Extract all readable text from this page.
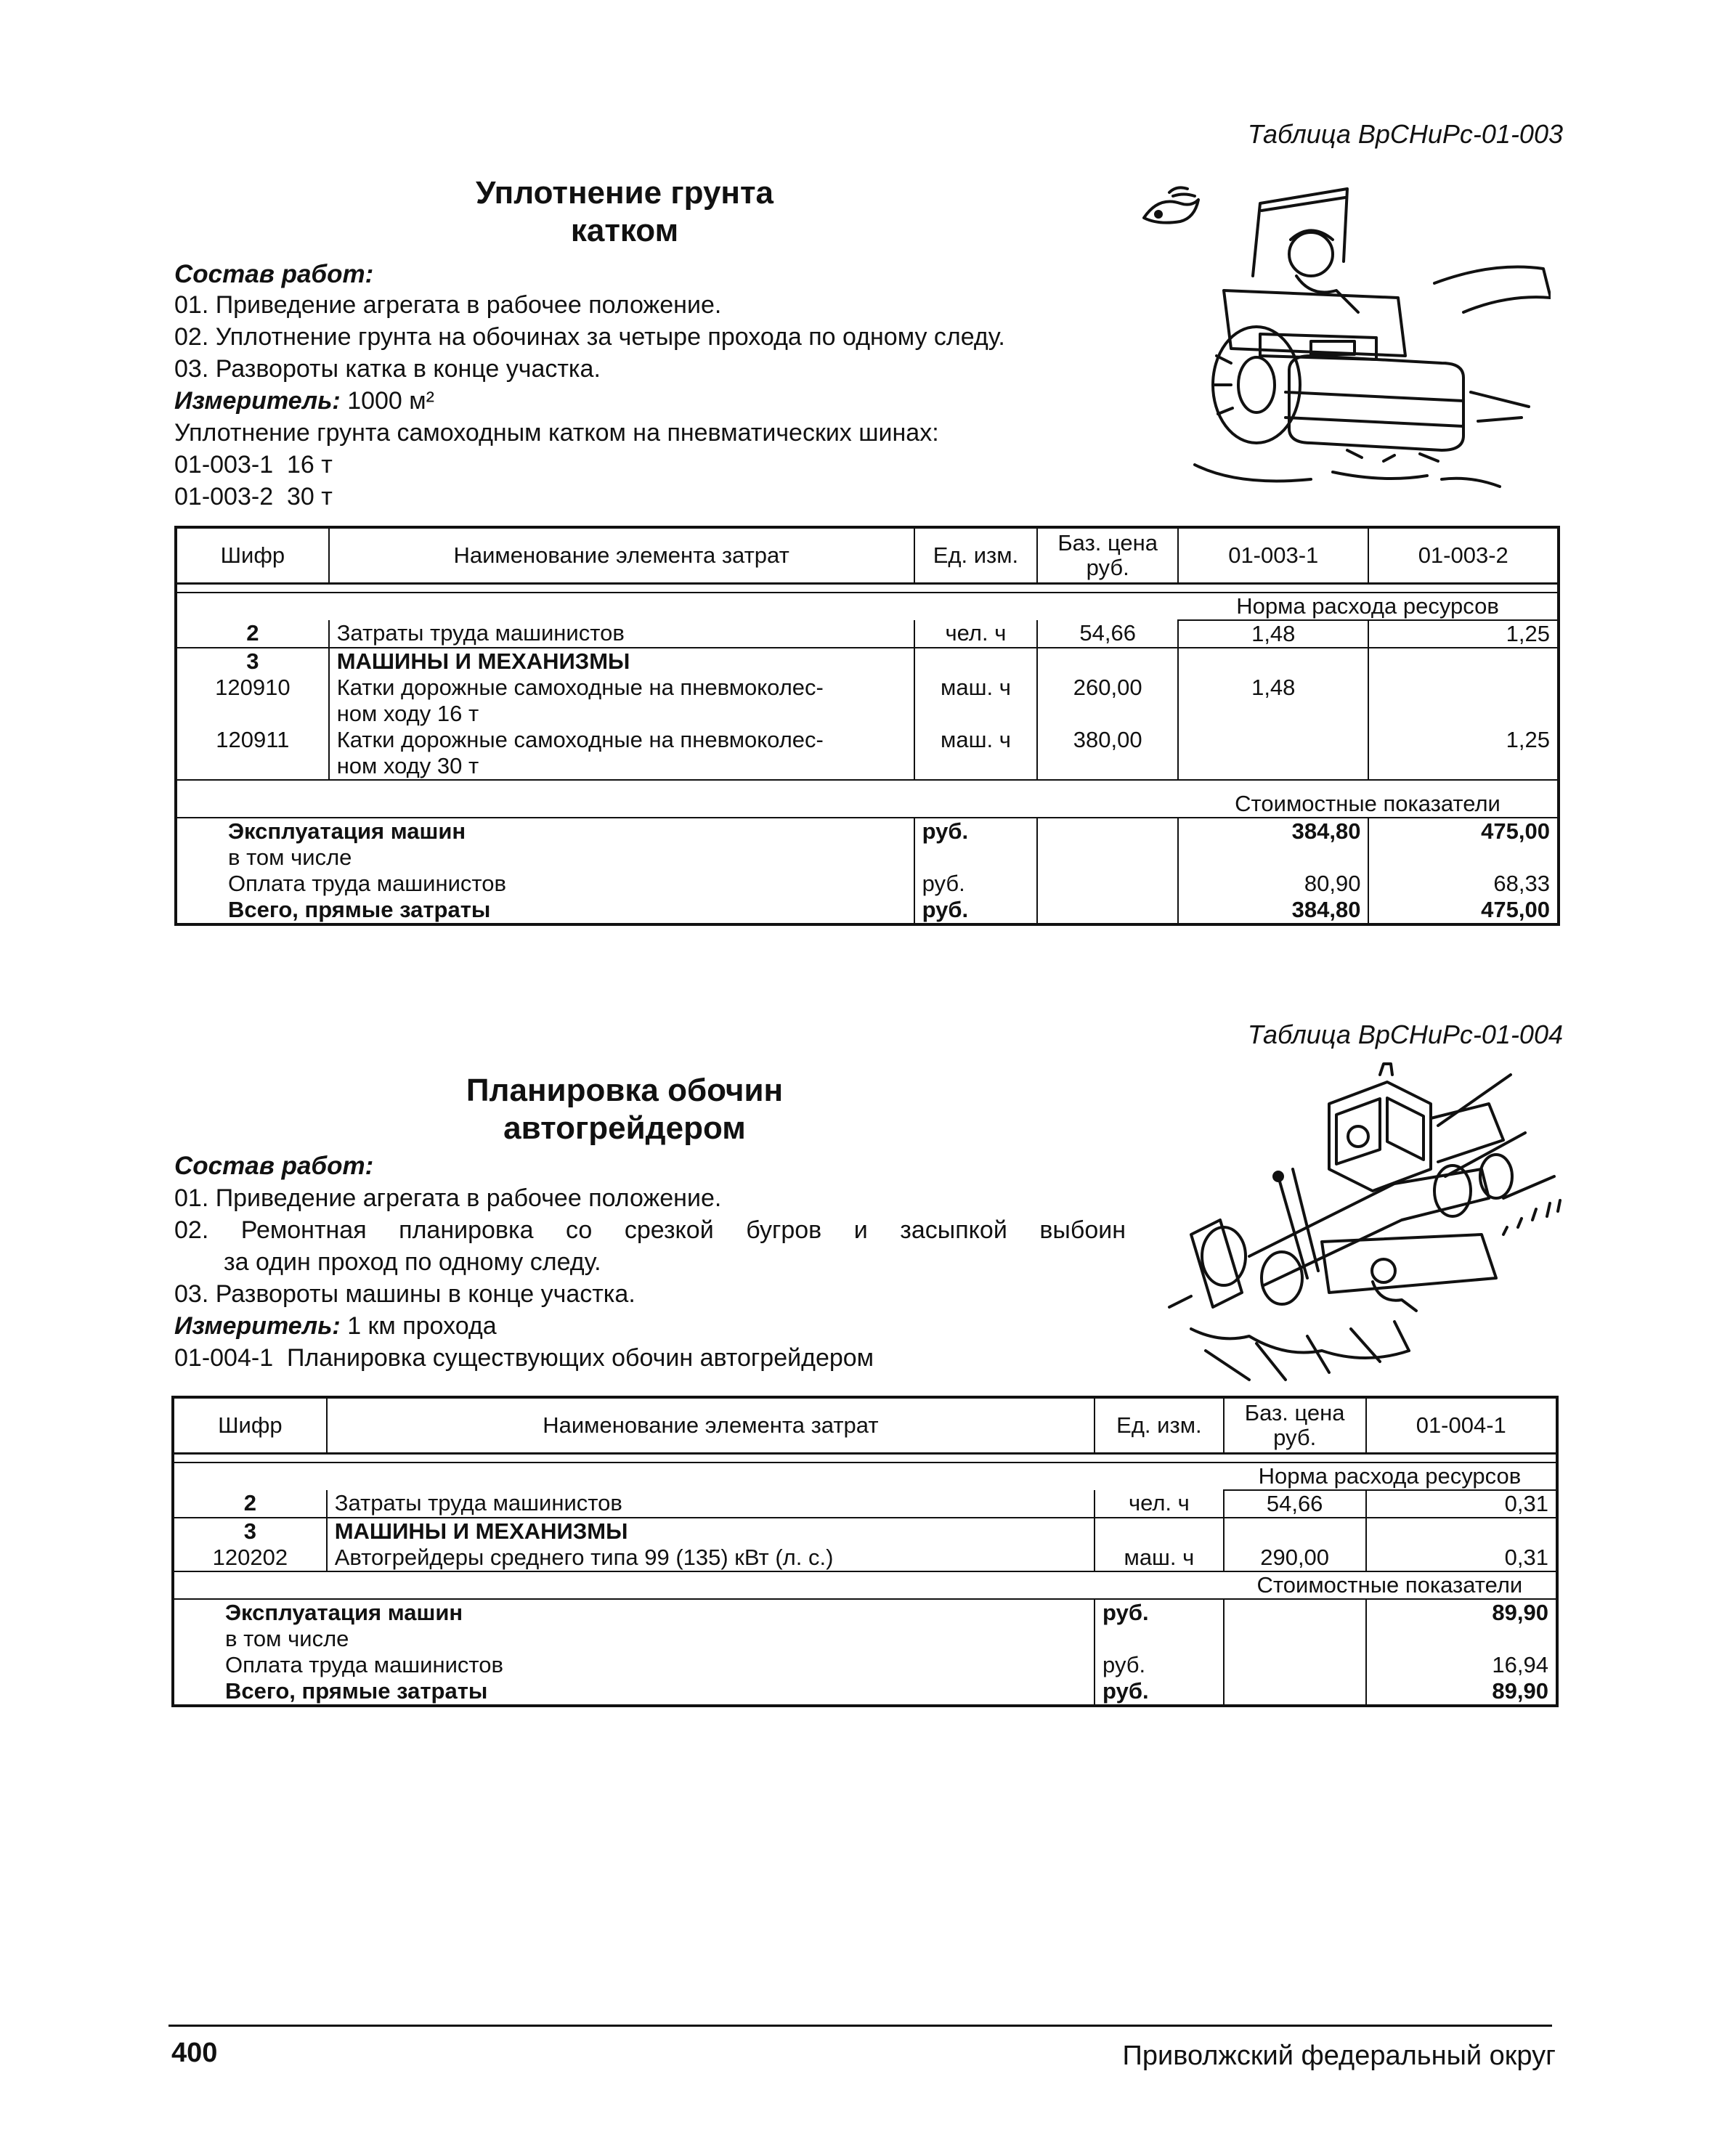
Таблица ВрСНиРс-01-003
Уплотнение грунта
катком
Состав работ:
01. Приведение агрегата в рабочее положение.
02. Уплотнение грунта на обочинах за четыре прохода по одному следу.
03. Развороты катка в конце участка.
Измеритель: 1000 м²
Уплотнение грунта самоходным катком на пневматических шинах:
01-003-1  16 т
01-003-2  30 т
Шифр	Наименование элемента затрат	Ед. изм.	Баз. цена руб.	01-003-1	01-003-2

				Норма расхода ресурсов	
2	Затраты труда машинистов	чел. ч	54,66	1,48	1,25
3	МАШИНЫ И МЕХАНИЗМЫ				
120910	Катки дорожные самоходные на пневмоколес-
ном ходу 16 т	маш. ч	260,00	1,48	
120911	Катки дорожные самоходные на пневмоколес-
ном ходу 30 т	маш. ч	380,00		1,25

				Стоимостные показатели	
Эксплуатация машин		руб.		384,80	475,00
в том числе					
Оплата труда машинистов		руб.		80,90	68,33
Всего, прямые затраты		руб.		384,80	475,00
Таблица ВрСНиРс-01-004
Планировка обочин
автогрейдером
Состав работ:
01. Приведение агрегата в рабочее положение.
02. Ремонтная планировка со срезкой бугров и засыпкой выбоин
за один проход по одному следу.
03. Развороты машины в конце участка.
Измеритель: 1 км прохода
01-004-1  Планировка существующих обочин автогрейдером
Шифр	Наименование элемента затрат	Ед. изм.	Баз. цена руб.	01-004-1

			Норма расхода ресурсов	
2	Затраты труда машинистов	чел. ч	54,66	0,31
3	МАШИНЫ И МЕХАНИЗМЫ			
120202	Автогрейдеры среднего типа 99 (135) кВт (л. с.)	маш. ч	290,00	0,31
			Стоимостные показатели	
Эксплуатация машин		руб.		89,90
в том числе				
Оплата труда машинистов		руб.		16,94
Всего, прямые затраты		руб.		89,90
400	Приволжский федеральный округ
